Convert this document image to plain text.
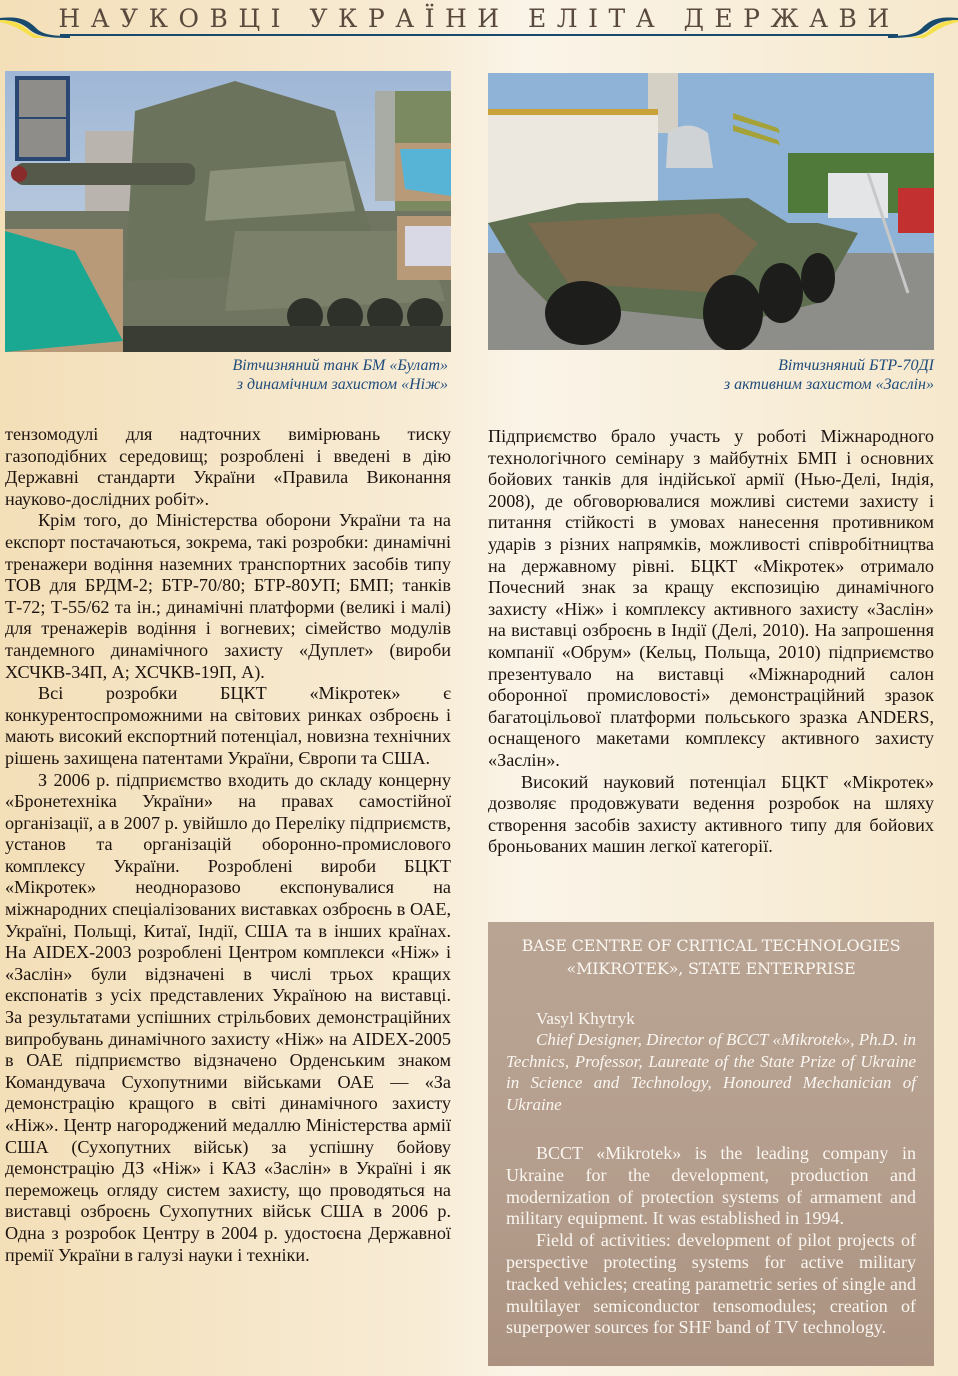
НАУКОВЦІ УКРАЇНИ ЕЛІТА ДЕРЖАВИ
Вітчизняний танк БМ «Булат»
з динамічним захистом «Ніж»
Вітчизняний БТР-70ДІ
з активним захистом «Заслін»

тензомодулі для надточних вимірювань тиску газоподібних середовищ; розроблені і введені в дію Державні стандарти України «Правила Виконання науково-дослідних робіт».

Крім того, до Міністерства оборони України та на експорт постачаються, зокрема, такі розробки: динамічні тренажери водіння наземних транспортних засобів типу ТОВ для БРДМ-2; БТР-70/80; БТР-80УП; БМП; танків Т-72; Т-55/62 та ін.; динамічні платформи (великі і малі) для тренажерів водіння і вогневих; сімейство модулів тандемного динамічного захисту «Дуплет» (вироби ХСЧКВ-34П, А; ХСЧКВ-19П, А).

Всі розробки БЦКТ «Мікротек» є конкурентоспроможними на світових ринках озброєнь і мають високий експортний потенціал, новизна технічних рішень захищена патентами України, Європи та США.

З 2006 р. підприємство входить до складу концерну «Бронетехніка України» на правах самостійної організації, а в 2007 р. увійшло до Переліку підприємств, установ та організацій оборонно-промислового комплексу України. Розроблені вироби БЦКТ «Мікротек» неодноразово експонувалися на міжнародних спеціалізованих виставках озброєнь в ОАЕ, Україні, Польщі, Китаї, Індії, США та в інших країнах. На AIDEX-2003 розроблені Центром комплекси «Ніж» і «Заслін» були відзначені в числі трьох кращих експонатів з усіх представлених Україною на виставці. За результатами успішних стрільбових демонстраційних випробувань динамічного захисту «Ніж» на AIDEX-2005 в ОАЕ підприємство відзначено Орденським знаком Командувача Сухопутними військами ОАЕ — «За демонстрацію кращого в світі динамічного захисту «Ніж». Центр нагороджений медаллю Міністерства армії США (Сухопутних військ) за успішну бойову демонстрацію ДЗ «Ніж» і КАЗ «Заслін» в Україні і як переможець огляду систем захисту, що проводяться на виставці озброєнь Сухопутних військ США в 2006 р. Одна з розробок Центру в 2004 р. удостоєна Державної премії України в галузі науки і техніки.

Підприємство брало участь у роботі Міжнародного технологічного семінару з майбутніх БМП і основних бойових танків для індійської армії (Нью-Делі, Індія, 2008), де обговорювалися можливі системи захисту і питання стійкості в умовах нанесення противником ударів з різних напрямків, можливості співробітництва на державному рівні. БЦКТ «Мікротек» отримало Почесний знак за кращу експозицію динамічного захисту «Ніж» і комплексу активного захисту «Заслін» на виставці озброєнь в Індії (Делі, 2010). На запрошення компанії «Обрум» (Кельц, Польща, 2010) підприємство презентувало на виставці «Міжнародний салон оборонної промисловості» демонстраційний зразок багатоцільової платформи польського зразка ANDERS, оснащеного макетами комплексу активного захисту «Заслін».

Високий науковий потенціал БЦКТ «Мікротек» дозволяє продовжувати ведення розробок на шляху створення засобів захисту активного типу для бойових броньованих машин легкої категорії.

BASE CENTRE OF CRITICAL TECHNOLOGIES
«MIKROTEK», STATE ENTERPRISE
Vasyl Khytryk
Chief Designer, Director of BCCT «Mikrotek», Ph.D. in Technics, Professor, Laureate of the State Prize of Ukraine in Science and Technology, Honoured Mechanician of Ukraine

BCCT «Mikrotek» is the leading company in Ukraine for the development, production and modernization of protection systems of armament and military equipment. It was established in 1994.

Field of activities: development of pilot projects of perspective protecting systems for active military tracked vehicles; creating parametric series of single and multilayer semiconductor tensomodules; creation of superpower sources for SHF band of TV technology.
